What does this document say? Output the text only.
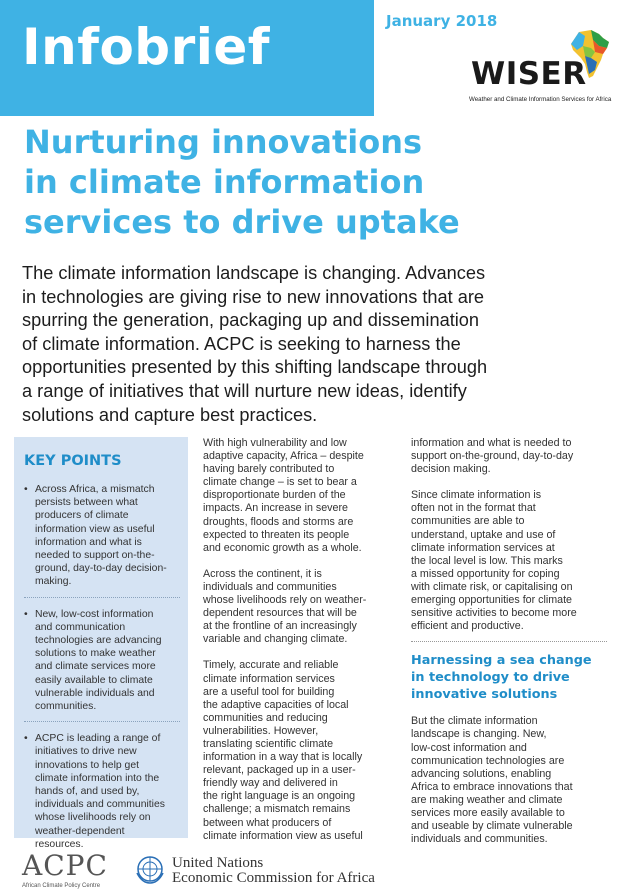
Infobrief	January 2018
WISER
Weather and Climate Information Services for Africa
Nurturing innovations
in climate information
services to drive uptake

The climate information landscape is changing. Advances
in technologies are giving rise to new innovations that are
spurring the generation, packaging up and dissemination
of climate information. ACPC is seeking to harness the
opportunities presented by this shifting landscape through
a range of initiatives that will nurture new ideas, identify
solutions and capture best practices.

KEY POINTS
• Across Africa, a mismatch
persists between what
producers of climate
information view as useful
information and what is
needed to support on-the-
ground, day-to-day decision-
making.
• New, low-cost information
and communication
technologies are advancing
solutions to make weather
and climate services more
easily available to climate
vulnerable individuals and
communities.
• ACPC is leading a range of
initiatives to drive new
innovations to help get
climate information into the
hands of, and used by,
individuals and communities
whose livelihoods rely on
weather-dependent
resources.

With high vulnerability and low
adaptive capacity, Africa – despite
having barely contributed to
climate change – is set to bear a
disproportionate burden of the
impacts. An increase in severe
droughts, floods and storms are
expected to threaten its people
and economic growth as a whole.

Across the continent, it is
individuals and communities
whose livelihoods rely on weather-
dependent resources that will be
at the frontline of an increasingly
variable and changing climate.

Timely, accurate and reliable
climate information services
are a useful tool for building
the adaptive capacities of local
communities and reducing
vulnerabilities. However,
translating scientific climate
information in a way that is locally
relevant, packaged up in a user-
friendly way and delivered in
the right language is an ongoing
challenge; a mismatch remains
between what producers of
climate information view as useful

information and what is needed to
support on-the-ground, day-to-day
decision making.

Since climate information is
often not in the format that
communities are able to
understand, uptake and use of
climate information services at
the local level is low. This marks
a missed opportunity for coping
with climate risk, or capitalising on
emerging opportunities for climate
sensitive activities to become more
efficient and productive.

Harnessing a sea change
in technology to drive
innovative solutions

But the climate information
landscape is changing. New,
low-cost information and
communication technologies are
advancing solutions, enabling
Africa to embrace innovations that
are making weather and climate
services more easily available to
and useable by climate vulnerable
individuals and communities.

ACPC
African Climate Policy Centre
United Nations
Economic Commission for Africa
